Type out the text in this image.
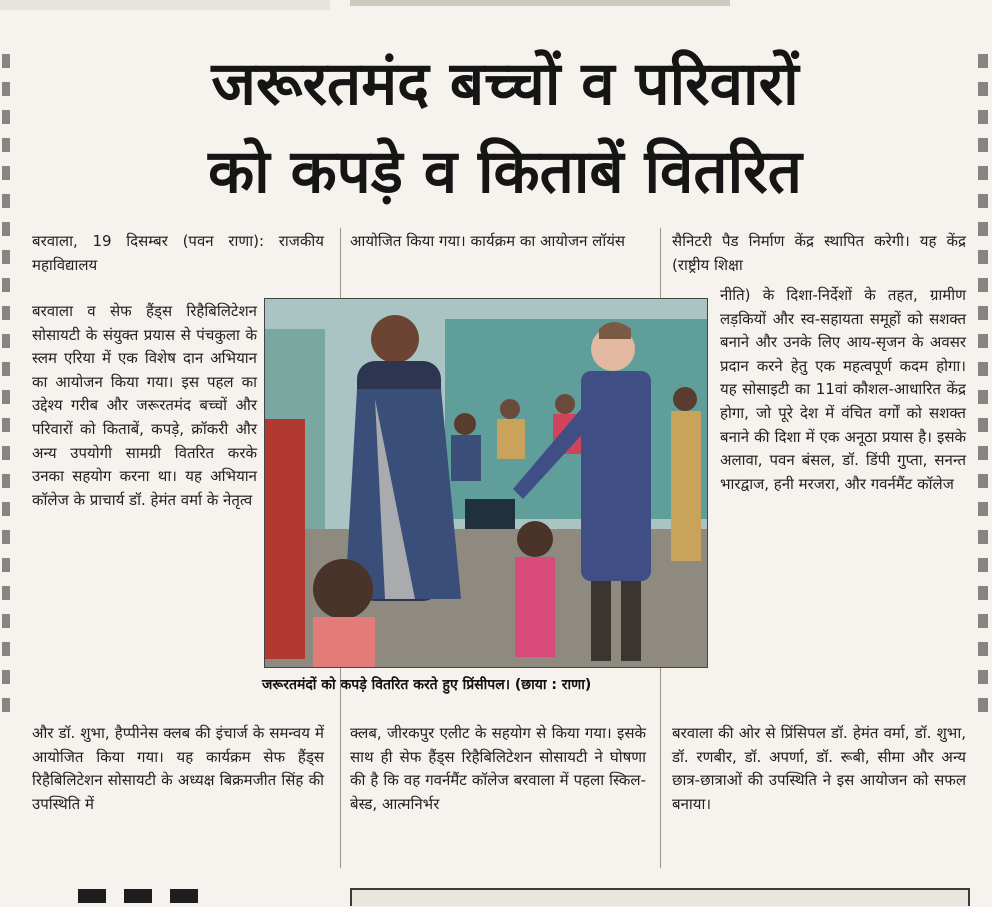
जरूरतमंद बच्चों व परिवारों
को कपड़े व किताबें वितरित

बरवाला, 19 दिसम्बर (पवन राणा): राजकीय महाविद्यालय

बरवाला व सेफ हैंड्स रिहैबिलिटेशन सोसायटी के संयुक्त प्रयास से पंचकुला के स्लम एरिया में एक विशेष दान अभियान का आयोजन किया गया। इस पहल का उद्देश्य गरीब और जरूरतमंद बच्चों और परिवारों को किताबें, कपड़े, क्रॉकरी और अन्य उपयोगी सामग्री वितरित करके उनका सहयोग करना था। यह अभियान कॉलेज के प्राचार्य डॉ. हेमंत वर्मा के नेतृत्व

और डॉ. शुभा, हैप्पीनेस क्लब की इंचार्ज के समन्वय में आयोजित किया गया। यह कार्यक्रम सेफ हैंड्स रिहैबिलिटेशन सोसायटी के अध्यक्ष बिक्रमजीत सिंह की उपस्थिति में

आयोजित किया गया। कार्यक्रम का आयोजन लॉयंस

क्लब, जीरकपुर एलीट के सहयोग से किया गया। इसके साथ ही सेफ हैंड्स रिहैबिलिटेशन सोसायटी ने घोषणा की है कि वह गवर्नमैंट कॉलेज बरवाला में पहला स्किल-बेस्ड, आत्मनिर्भर

सैनिटरी पैड निर्माण केंद्र स्थापित करेगी। यह केंद्र (राष्ट्रीय शिक्षा

नीति) के दिशा-निर्देशों के तहत, ग्रामीण लड़कियों और स्व-सहायता समूहों को सशक्त बनाने और उनके लिए आय-सृजन के अवसर प्रदान करने हेतु एक महत्वपूर्ण कदम होगा। यह सोसाइटी का 11वां कौशल-आधारित केंद्र होगा, जो पूरे देश में वंचित वर्गों को सशक्त बनाने की दिशा में एक अनूठा प्रयास है। इसके अलावा, पवन बंसल, डॉ. डिंपी गुप्ता, सनन्त भारद्वाज, हनी मरजरा, और गवर्नमैंट कॉलेज

बरवाला की ओर से प्रिंसिपल डॉ. हेमंत वर्मा, डॉ. शुभा, डॉ. रणबीर, डॉ. अपर्णा, डॉ. रूबी, सीमा और अन्य छात्र-छात्राओं की उपस्थिति ने इस आयोजन को सफल बनाया।

जरूरतमंदों को कपड़े वितरित करते हुए प्रिंसीपल। (छाया : राणा)
